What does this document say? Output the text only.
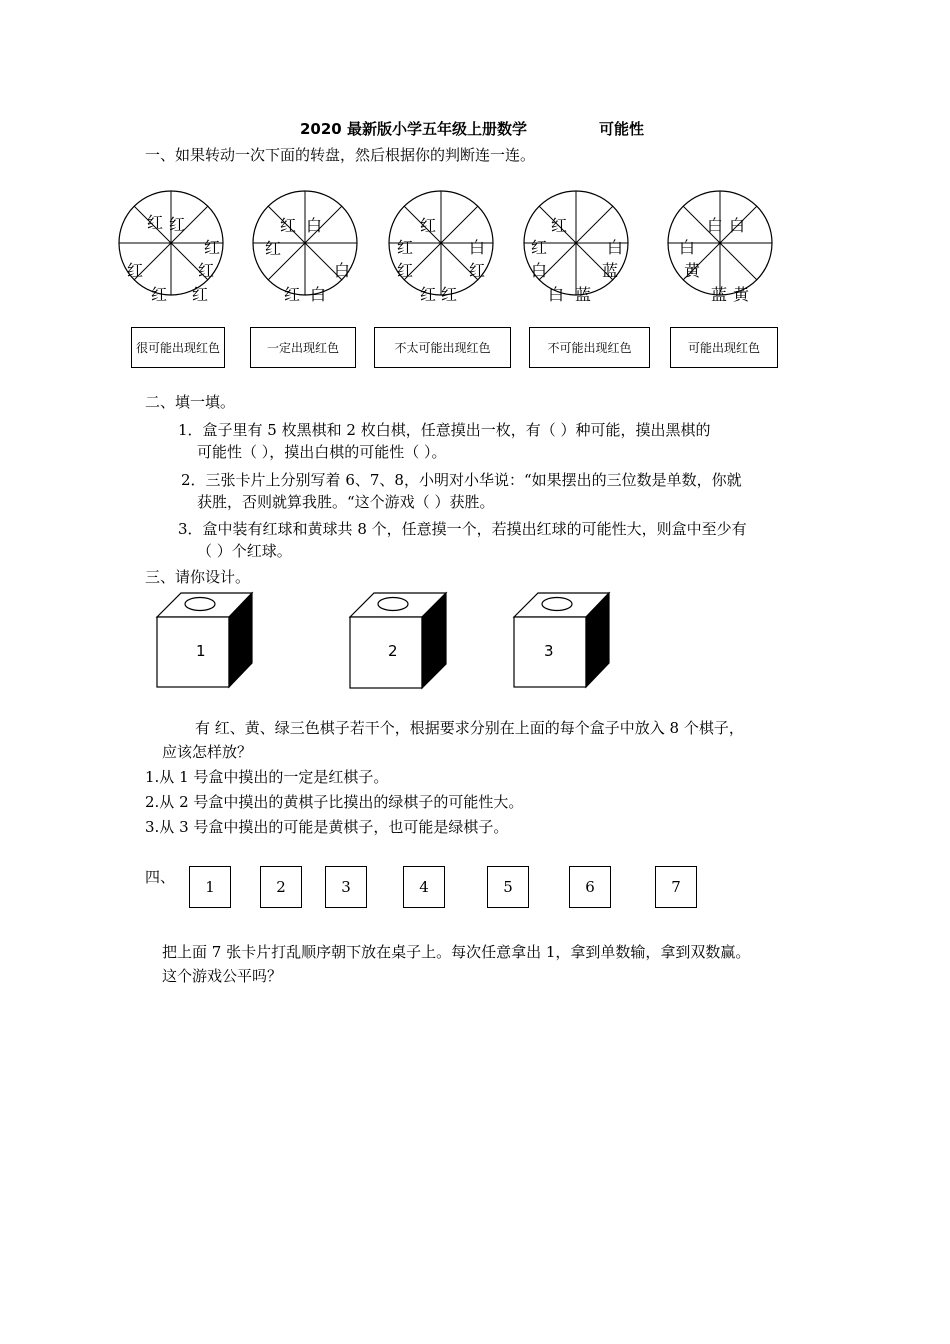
2020 最新版小学五年级上册数学	可能性
一、如果转动一次下面的转盘，然后根据你的判断连一连。
红 红
红
红	红
红 红
红 白
红
白
红 白
红
红	白
红	红
红 红
红
红	白
白	蓝
白 蓝
白 白
白
黄
蓝 黄
很可能出现红色	一定出现红色	不太可能出现红色	不可能出现红色	可能出现红色
二、填一填。
1．盒子里有 5 枚黑棋和 2 枚白棋，任意摸出一枚，有（ ）种可能，摸出黑棋的
可能性（ ），摸出白棋的可能性（ ）。
2．三张卡片上分别写着 6、7、8，小明对小华说：“如果摆出的三位数是单数，你就
获胜，否则就算我胜。“这个游戏（ ）获胜。
3．盒中装有红球和黄球共 8 个，任意摸一个，若摸出红球的可能性大，则盒中至少有
（ ）个红球。
三、请你设计。
1	2	3
有 红、黄、绿三色棋子若干个，根据要求分别在上面的每个盒子中放入 8 个棋子，
应该怎样放？
1.从 1 号盒中摸出的一定是红棋子。
2.从 2 号盒中摸出的黄棋子比摸出的绿棋子的可能性大。
3.从 3 号盒中摸出的可能是黄棋子，也可能是绿棋子。
四、
1	2	3	4	5	6	7
把上面 7 张卡片打乱顺序朝下放在桌子上。每次任意拿出 1，拿到单数输，拿到双数赢。
这个游戏公平吗？
